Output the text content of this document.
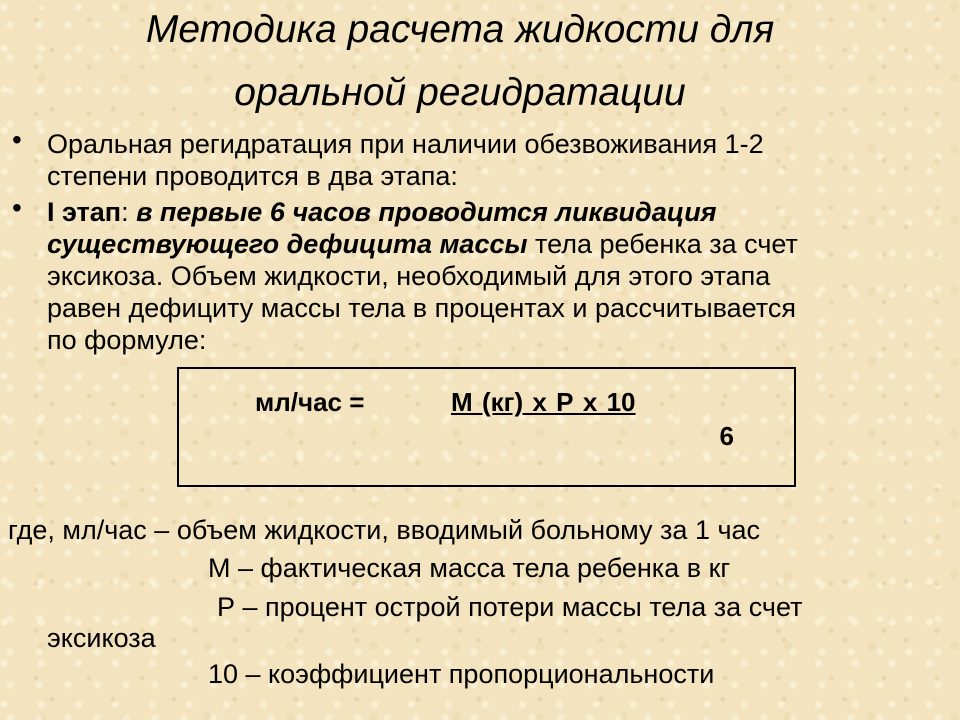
Методика расчета жидкости для
оральной регидратации
• Оральная регидратация при наличии обезвоживания 1-2
степени проводится в два этапа:
• I этап: в первые 6 часов проводится ликвидация
существующего дефицита массы тела ребенка за счет
эксикоза. Объем жидкости, необходимый для этого этапа
равен дефициту массы тела в процентах и рассчитывается
по формуле:
мл/час =	М (кг) х Р х 10
6
где, мл/час – объем жидкости, вводимый больному за 1 час
М – фактическая масса тела ребенка в кг
Р – процент острой потери массы тела за счет
эксикоза
10 – коэффициент пропорциональности
